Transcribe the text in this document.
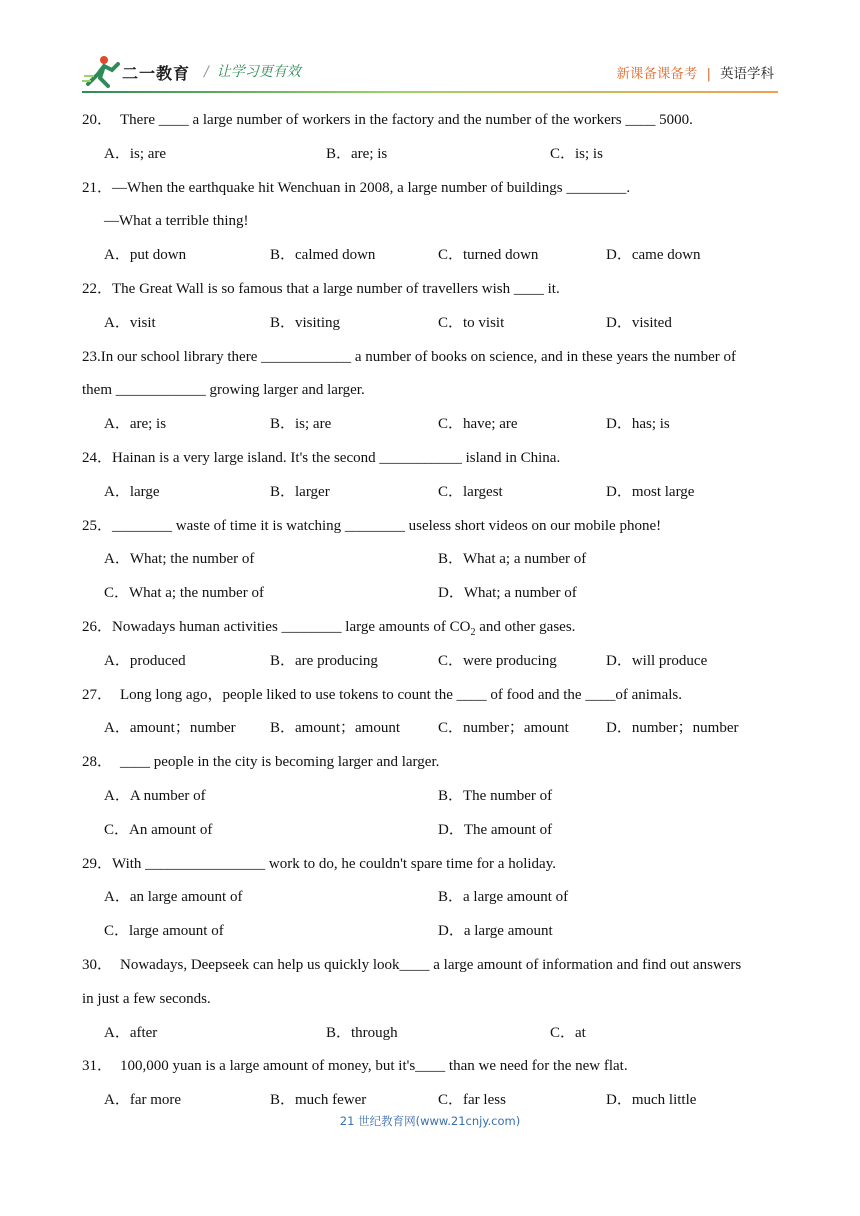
二一教育 / 让学习更有效	新课备课备考 | 英语学科
20． There ____ a large number of workers in the factory and the number of the workers ____ 5000.
A．is; are	B．are; is	C．is; is
21．—When the earthquake hit Wenchuan in 2008, a large number of buildings ________.
—What a terrible thing!
A．put down	B．calmed down	C．turned down	D．came down
22．The Great Wall is so famous that a large number of travellers wish ____ it.
A．visit	B．visiting	C．to visit	D．visited
23.In our school library there ____________ a number of books on science, and in these years the number of
them ____________ growing larger and larger.
A．are; is	B．is; are	C．have; are	D．has; is
24．Hainan is a very large island. It's the second ___________ island in China.
A．large	B．larger	C．largest	D．most large
25．________ waste of time it is watching ________ useless short videos on our mobile phone!
A．What; the number of	B．What a; a number of
C．What a; the number of	D．What; a number of
26．Nowadays human activities ________ large amounts of $CO_2$ and other gases.
A．produced	B．are producing	C．were producing	D．will produce
27． Long long ago，people liked to use tokens to count the ____ of food and the ____of animals.
A．amount；number B．amount；amount	C．number；amount D．number；number
28． ____ people in the city is becoming larger and larger.
A．A number of	B．The number of
C．An amount of	D．The amount of
29．With ________________ work to do, he couldn't spare time for a holiday.
A．an large amount of	B．a large amount of
C．large amount of	D．a large amount
30． Nowadays, Deepseek can help us quickly look____ a large amount of information and find out answers
in just a few seconds.
A．after	B．through	C．at
31． 100,000 yuan is a large amount of money, but it's____ than we need for the new flat.
A．far more	B．much fewer	C．far less	D．much little
21 世纪教育网(www.21cnjy.com)
